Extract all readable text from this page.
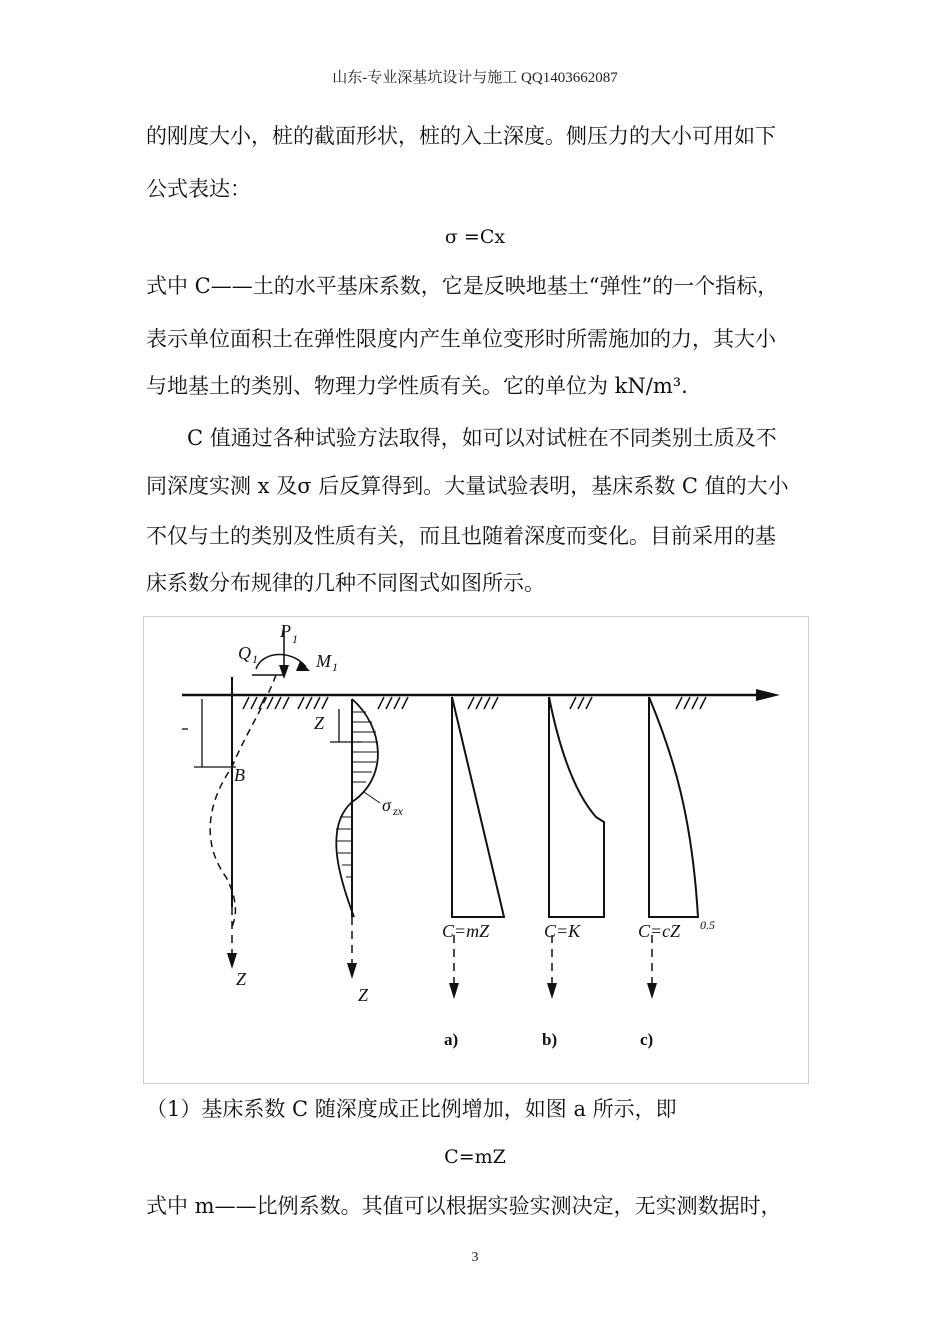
山东-专业深基坑设计与施工 QQ1403662087
的刚度大小，桩的截面形状，桩的入土深度。侧压力的大小可用如下
公式表达：
σ =Cx
式中 C——土的水平基床系数，它是反映地基土“弹性”的一个指标，
表示单位面积土在弹性限度内产生单位变形时所需施加的力，其大小
与地基土的类别、物理力学性质有关。它的单位为 kN/m³.
C 值通过各种试验方法取得，如可以对试桩在不同类别土质及不
同深度实测 x 及σ 后反算得到。大量试验表明，基床系数 C 值的大小
不仅与土的类别及性质有关，而且也随着深度而变化。目前采用的基
床系数分布规律的几种不同图式如图所示。
P 1
Q 1	M 1
B
Z
Z
σ zx
Z
C=mZ
a)
C=K
b)
C=cZ 0.5
c)
（1）基床系数 C 随深度成正比例增加，如图 a 所示，即
C=mZ
式中 m——比例系数。其值可以根据实验实测决定，无实测数据时，
3
